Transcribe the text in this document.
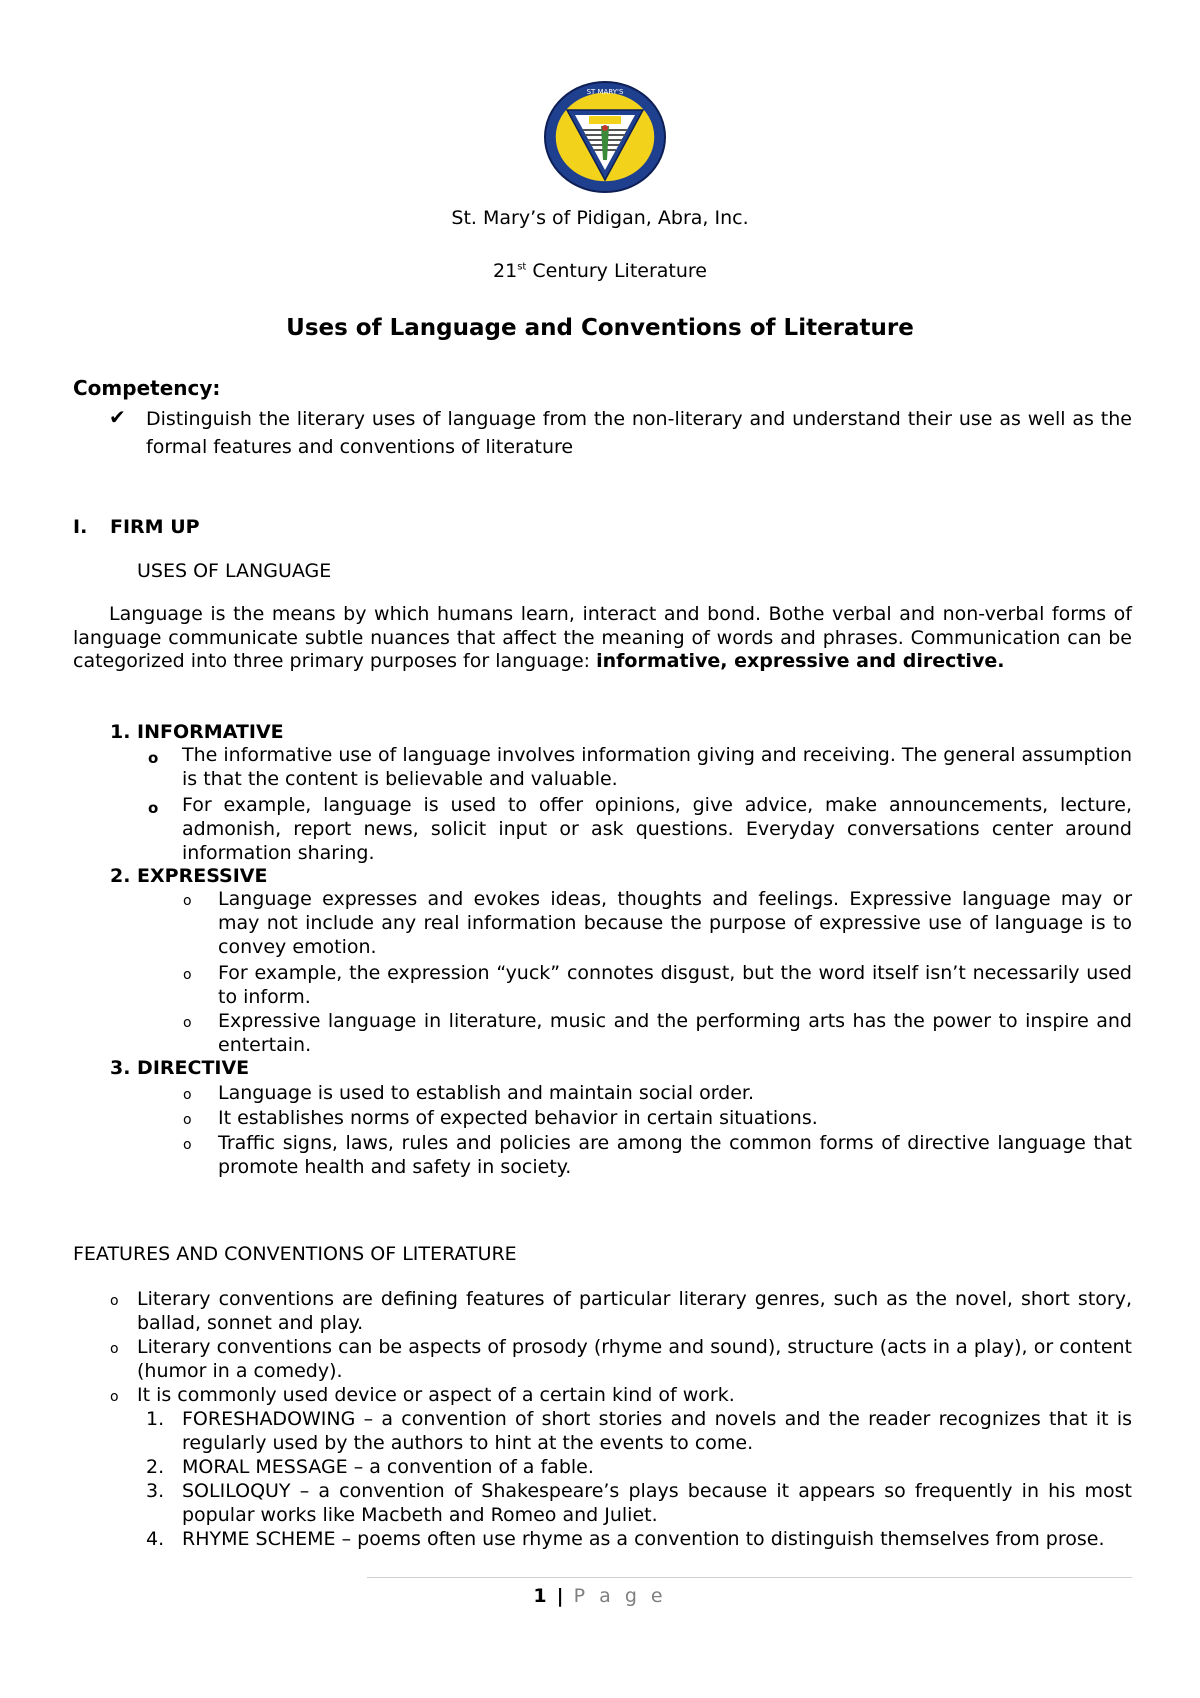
ST MARY'S
St. Mary’s of Pidigan, Abra, Inc.
21st Century Literature
Uses of Language and Conventions of Literature
Competency:
✔ Distinguish the literary uses of language from the non-literary and understand their use as well as the formal features and conventions of literature
I. FIRM UP
USES OF LANGUAGE
Language is the means by which humans learn, interact and bond. Bothe verbal and non-verbal forms of language communicate subtle nuances that affect the meaning of words and phrases. Communication can be categorized into three primary purposes for language: informative, expressive and directive.
1. INFORMATIVE
o The informative use of language involves information giving and receiving. The general assumption is that the content is believable and valuable.
o For example, language is used to offer opinions, give advice, make announcements, lecture, admonish, report news, solicit input or ask questions. Everyday conversations center around information sharing.
2. EXPRESSIVE
o Language expresses and evokes ideas, thoughts and feelings. Expressive language may or may not include any real information because the purpose of expressive use of language is to convey emotion.
o For example, the expression “yuck” connotes disgust, but the word itself isn’t necessarily used to inform.
o Expressive language in literature, music and the performing arts has the power to inspire and entertain.
3. DIRECTIVE
o Language is used to establish and maintain social order.
o It establishes norms of expected behavior in certain situations.
o Traffic signs, laws, rules and policies are among the common forms of directive language that promote health and safety in society.
FEATURES AND CONVENTIONS OF LITERATURE
o Literary conventions are defining features of particular literary genres, such as the novel, short story, ballad, sonnet and play.
o Literary conventions can be aspects of prosody (rhyme and sound), structure (acts in a play), or content (humor in a comedy).
o It is commonly used device or aspect of a certain kind of work.
1. FORESHADOWING – a convention of short stories and novels and the reader recognizes that it is regularly used by the authors to hint at the events to come.
2. MORAL MESSAGE – a convention of a fable.
3. SOLILOQUY – a convention of Shakespeare’s plays because it appears so frequently in his most popular works like Macbeth and Romeo and Juliet.
4. RHYME SCHEME – poems often use rhyme as a convention to distinguish themselves from prose.
1 | P a g e
